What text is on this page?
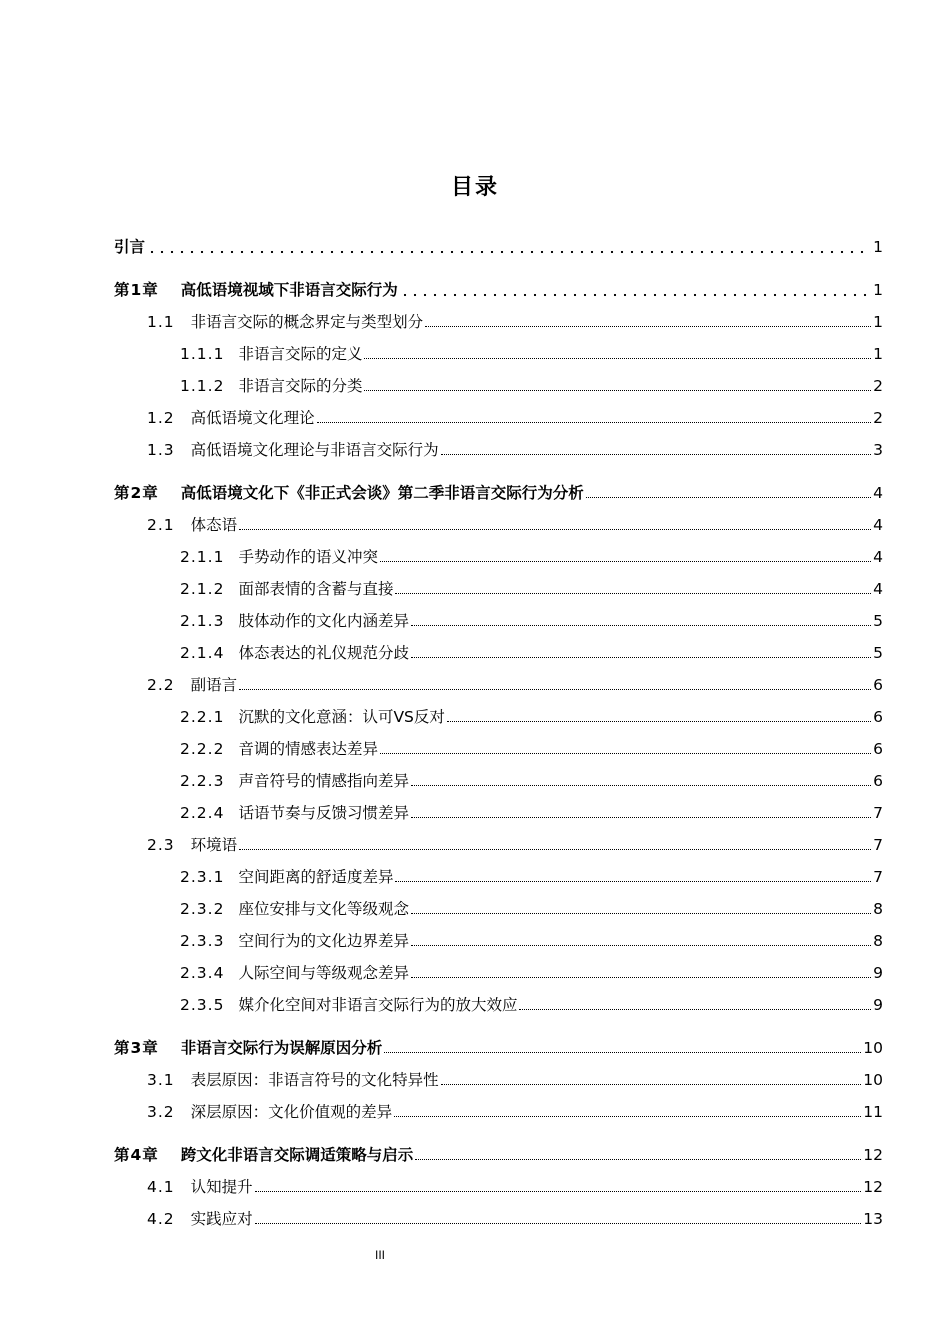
目录
引言	1
第1章 高低语境视域下非语言交际行为	1
1.1 非语言交际的概念界定与类型划分	1
1.1.1 非语言交际的定义	1
1.1.2 非语言交际的分类	2
1.2 高低语境文化理论	2
1.3 高低语境文化理论与非语言交际行为	3
第2章 高低语境文化下《非正式会谈》第二季非语言交际行为分析	4
2.1 体态语	4
2.1.1 手势动作的语义冲突	4
2.1.2 面部表情的含蓄与直接	4
2.1.3 肢体动作的文化内涵差异	5
2.1.4 体态表达的礼仪规范分歧	5
2.2 副语言	6
2.2.1 沉默的文化意涵：认可VS反对	6
2.2.2 音调的情感表达差异	6
2.2.3 声音符号的情感指向差异	6
2.2.4 话语节奏与反馈习惯差异	7
2.3 环境语	7
2.3.1 空间距离的舒适度差异	7
2.3.2 座位安排与文化等级观念	8
2.3.3 空间行为的文化边界差异	8
2.3.4 人际空间与等级观念差异	9
2.3.5 媒介化空间对非语言交际行为的放大效应	9
第3章 非语言交际行为误解原因分析	10
3.1 表层原因：非语言符号的文化特异性	10
3.2 深层原因：文化价值观的差异	11
第4章 跨文化非语言交际调适策略与启示	12
4.1 认知提升	12
4.2 实践应对	13
III
